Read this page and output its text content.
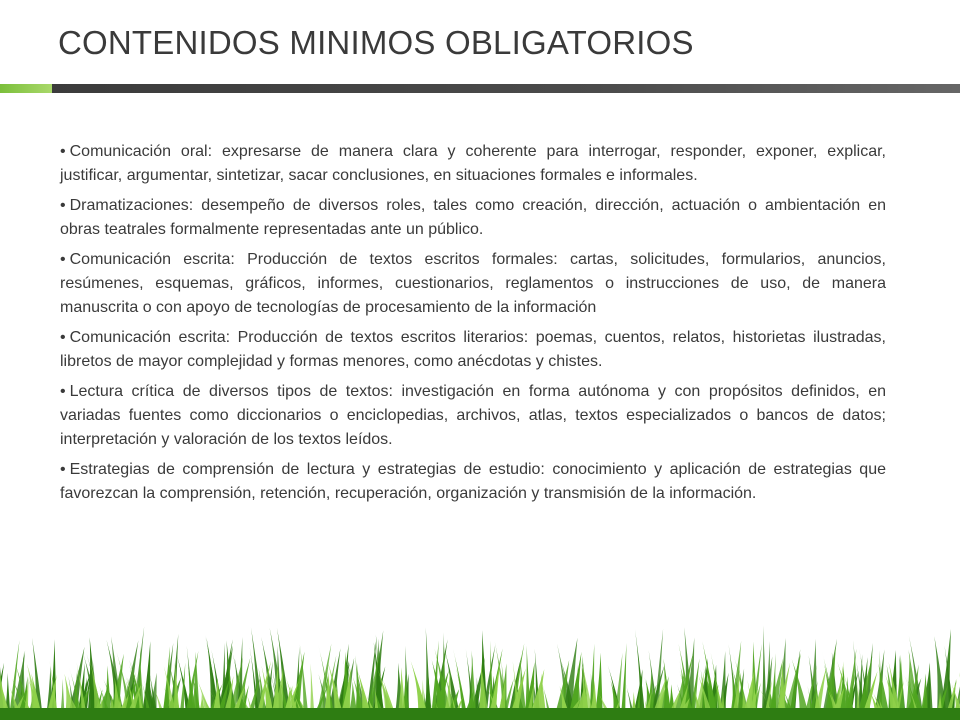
CONTENIDOS MINIMOS OBLIGATORIOS

• Comunicación oral: expresarse de manera clara y coherente para interrogar, responder, exponer, explicar, justificar, argumentar, sintetizar, sacar conclusiones, en situaciones formales e informales.

• Dramatizaciones: desempeño de diversos roles, tales como creación, dirección, actuación o ambientación en obras teatrales formalmente representadas ante un público.

• Comunicación escrita: Producción de textos escritos formales: cartas, solicitudes, formularios, anuncios, resúmenes, esquemas, gráficos, informes, cuestionarios, reglamentos o instrucciones de uso, de manera manuscrita o con apoyo de tecnologías de procesamiento de la información

• Comunicación escrita: Producción de textos escritos literarios: poemas, cuentos, relatos, historietas ilustradas, libretos de mayor complejidad y formas menores, como anécdotas y chistes.

• Lectura crítica de diversos tipos de textos: investigación en forma autónoma y con propósitos definidos, en variadas fuentes como diccionarios o enciclopedias, archivos, atlas, textos especializados o bancos de datos; interpretación y valoración de los textos leídos.

• Estrategias de comprensión de lectura y estrategias de estudio: conocimiento y aplicación de estrategias que favorezcan la comprensión, retención, recuperación, organización y transmisión de la información.
